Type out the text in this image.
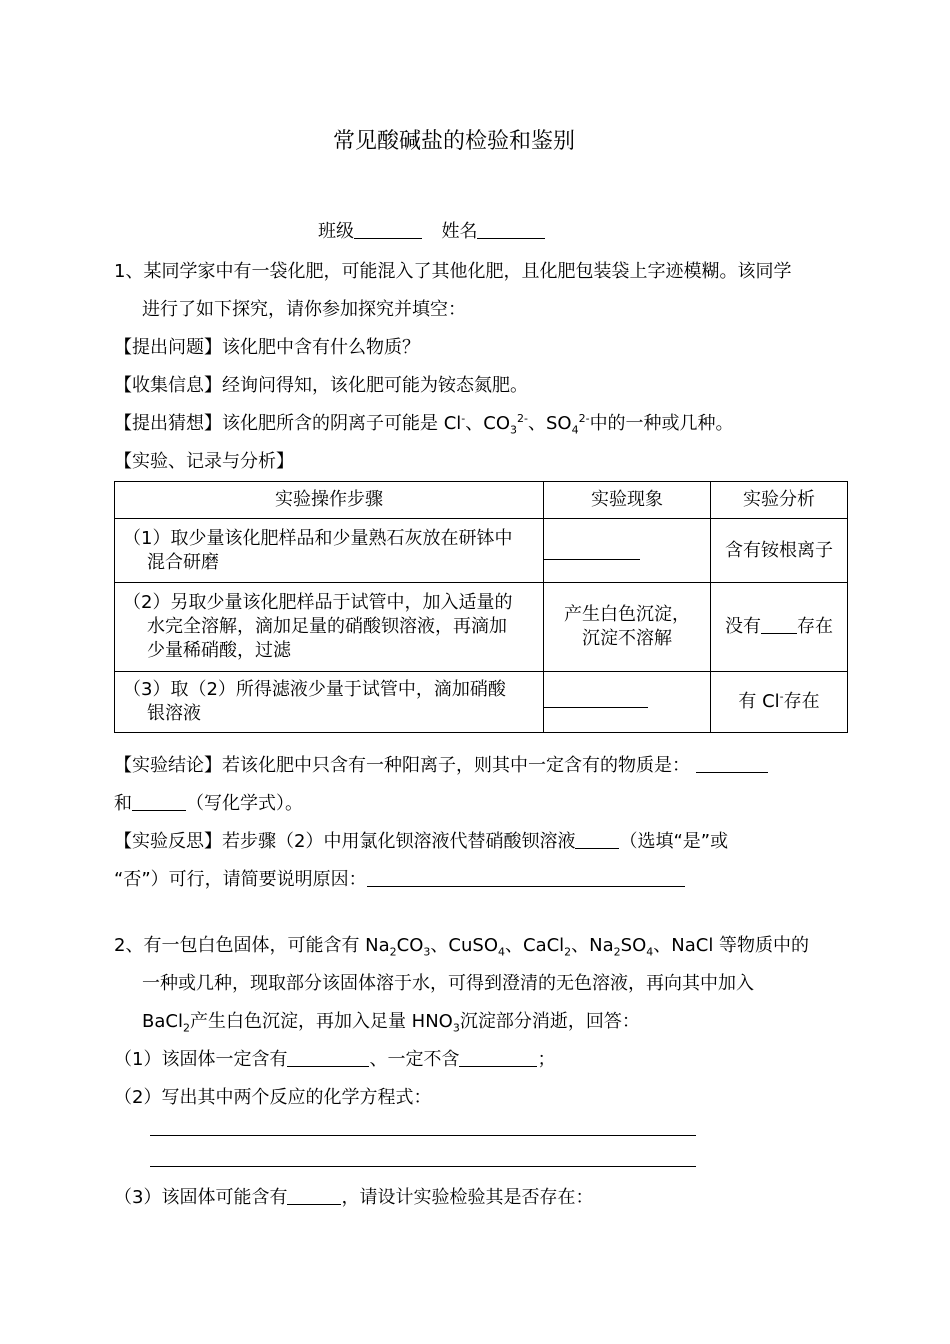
常见酸碱盐的检验和鉴别
班级	姓名
1、某同学家中有一袋化肥，可能混入了其他化肥，且化肥包装袋上字迹模糊。该同学
进行了如下探究，请你参加探究并填空：
【提出问题】该化肥中含有什么物质？
【收集信息】经询问得知，该化肥可能为铵态氮肥。
【提出猜想】该化肥所含的阴离子可能是 Cl-、$CO_3^{2-}$、$SO_4^{2-}$中的一种或几种。
【实验、记录与分析】
实验操作步骤	实验现象	实验分析
（1）取少量该化肥样品和少量熟石灰放在研钵中
混合研磨		含有铵根离子
（2）另取少量该化肥样品于试管中，加入适量的
水完全溶解，滴加足量的硝酸钡溶液，再滴加
少量稀硝酸，过滤	产生白色沉淀，
沉淀不溶解	没有 存在
（3）取（2）所得滤液少量于试管中，滴加硝酸
银溶液		有 Cl-存在
【实验结论】若该化肥中只含有一种阳离子，则其中一定含有的物质是：
和	（写化学式）。
【实验反思】若步骤（2）中用氯化钡溶液代替硝酸钡溶液 （选填“是”或
“否”）可行，请简要说明原因：
2、有一包白色固体，可能含有 $Na_2CO_3$、CuSO$_4$、CaCl$_2$、$Na_2SO_4$、NaCl 等物质中的
一种或几种，现取部分该固体溶于水，可得到澄清的无色溶液，再向其中加入
BaCl$_2$产生白色沉淀，再加入足量 $HNO_3$沉淀部分消逝，回答：
（1）该固体一定含有	、一定不含	；
（2）写出其中两个反应的化学方程式：
（3）该固体可能含有	，请设计实验检验其是否存在：
